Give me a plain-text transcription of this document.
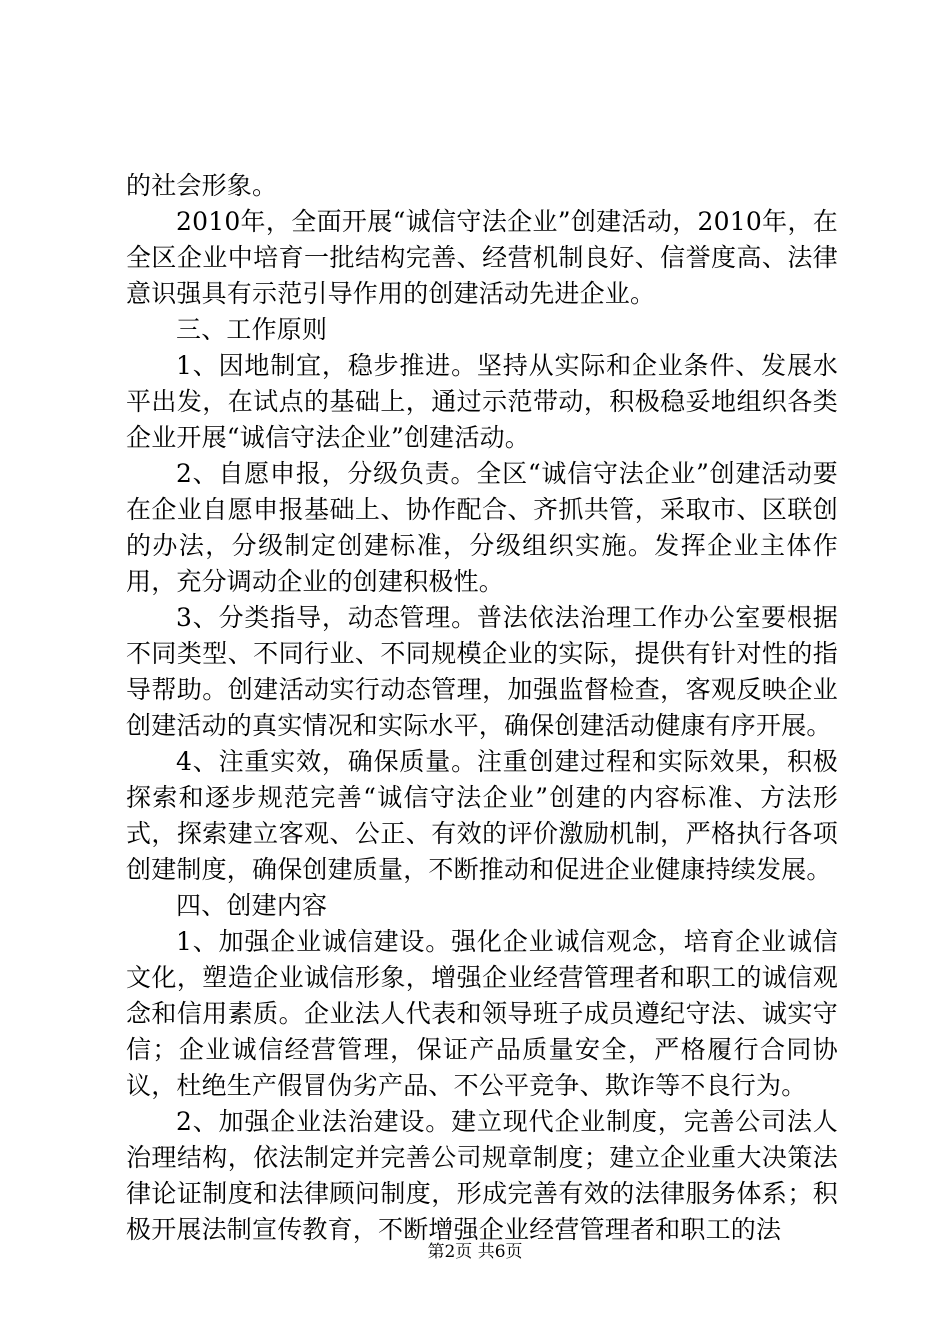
的社会形象。

2010年，全面开展“诚信守法企业”创建活动，2010年，在全区企业中培育一批结构完善、经营机制良好、信誉度高、法律意识强具有示范引导作用的创建活动先进企业。

三、工作原则

1、因地制宜，稳步推进。坚持从实际和企业条件、发展水平出发，在试点的基础上，通过示范带动，积极稳妥地组织各类企业开展“诚信守法企业”创建活动。

2、自愿申报，分级负责。全区“诚信守法企业”创建活动要在企业自愿申报基础上、协作配合、齐抓共管，采取市、区联创的办法，分级制定创建标准，分级组织实施。发挥企业主体作用，充分调动企业的创建积极性。

3、分类指导，动态管理。普法依法治理工作办公室要根据不同类型、不同行业、不同规模企业的实际，提供有针对性的指导帮助。创建活动实行动态管理，加强监督检查，客观反映企业创建活动的真实情况和实际水平，确保创建活动健康有序开展。

4、注重实效，确保质量。注重创建过程和实际效果，积极探索和逐步规范完善“诚信守法企业”创建的内容标准、方法形式，探索建立客观、公正、有效的评价激励机制，严格执行各项创建制度，确保创建质量，不断推动和促进企业健康持续发展。

四、创建内容

1、加强企业诚信建设。强化企业诚信观念，培育企业诚信文化，塑造企业诚信形象，增强企业经营管理者和职工的诚信观念和信用素质。企业法人代表和领导班子成员遵纪守法、诚实守信；企业诚信经营管理，保证产品质量安全，严格履行合同协议，杜绝生产假冒伪劣产品、不公平竞争、欺诈等不良行为。

2、加强企业法治建设。建立现代企业制度，完善公司法人治理结构，依法制定并完善公司规章制度；建立企业重大决策法律论证制度和法律顾问制度，形成完善有效的法律服务体系；积极开展法制宣传教育，不断增强企业经营管理者和职工的法

第2页 共6页
